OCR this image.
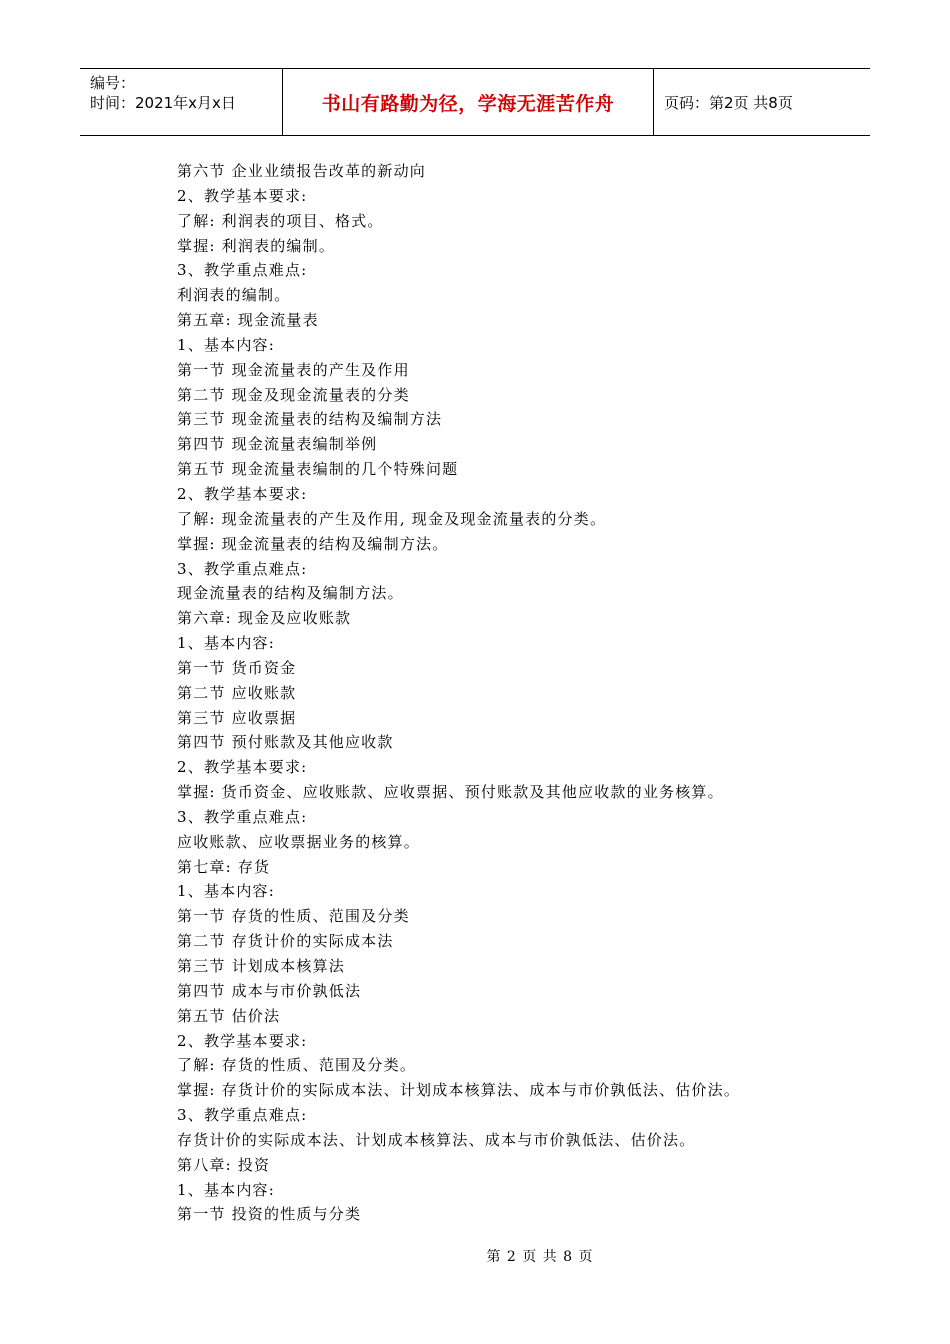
编号：
时间：2021年x月x日	书山有路勤为径，学海无涯苦作舟	页码：第2页 共8页
第六节 企业业绩报告改革的新动向
2、教学基本要求:
了解: 利润表的项目、格式。
掌握: 利润表的编制。
3、教学重点难点:
利润表的编制。
第五章: 现金流量表
1、基本内容:
第一节 现金流量表的产生及作用
第二节 现金及现金流量表的分类
第三节 现金流量表的结构及编制方法
第四节 现金流量表编制举例
第五节 现金流量表编制的几个特殊问题
2、教学基本要求:
了解: 现金流量表的产生及作用, 现金及现金流量表的分类。
掌握: 现金流量表的结构及编制方法。
3、教学重点难点:
现金流量表的结构及编制方法。
第六章: 现金及应收账款
1、基本内容:
第一节 货币资金
第二节 应收账款
第三节 应收票据
第四节 预付账款及其他应收款
2、教学基本要求:
掌握: 货币资金、应收账款、应收票据、预付账款及其他应收款的业务核算。
3、教学重点难点:
应收账款、应收票据业务的核算。
第七章: 存货
1、基本内容:
第一节 存货的性质、范围及分类
第二节 存货计价的实际成本法
第三节 计划成本核算法
第四节 成本与市价孰低法
第五节 估价法
2、教学基本要求:
了解: 存货的性质、范围及分类。
掌握: 存货计价的实际成本法、计划成本核算法、成本与市价孰低法、估价法。
3、教学重点难点:
存货计价的实际成本法、计划成本核算法、成本与市价孰低法、估价法。
第八章: 投资
1、基本内容:
第一节 投资的性质与分类
第 2 页 共 8 页
